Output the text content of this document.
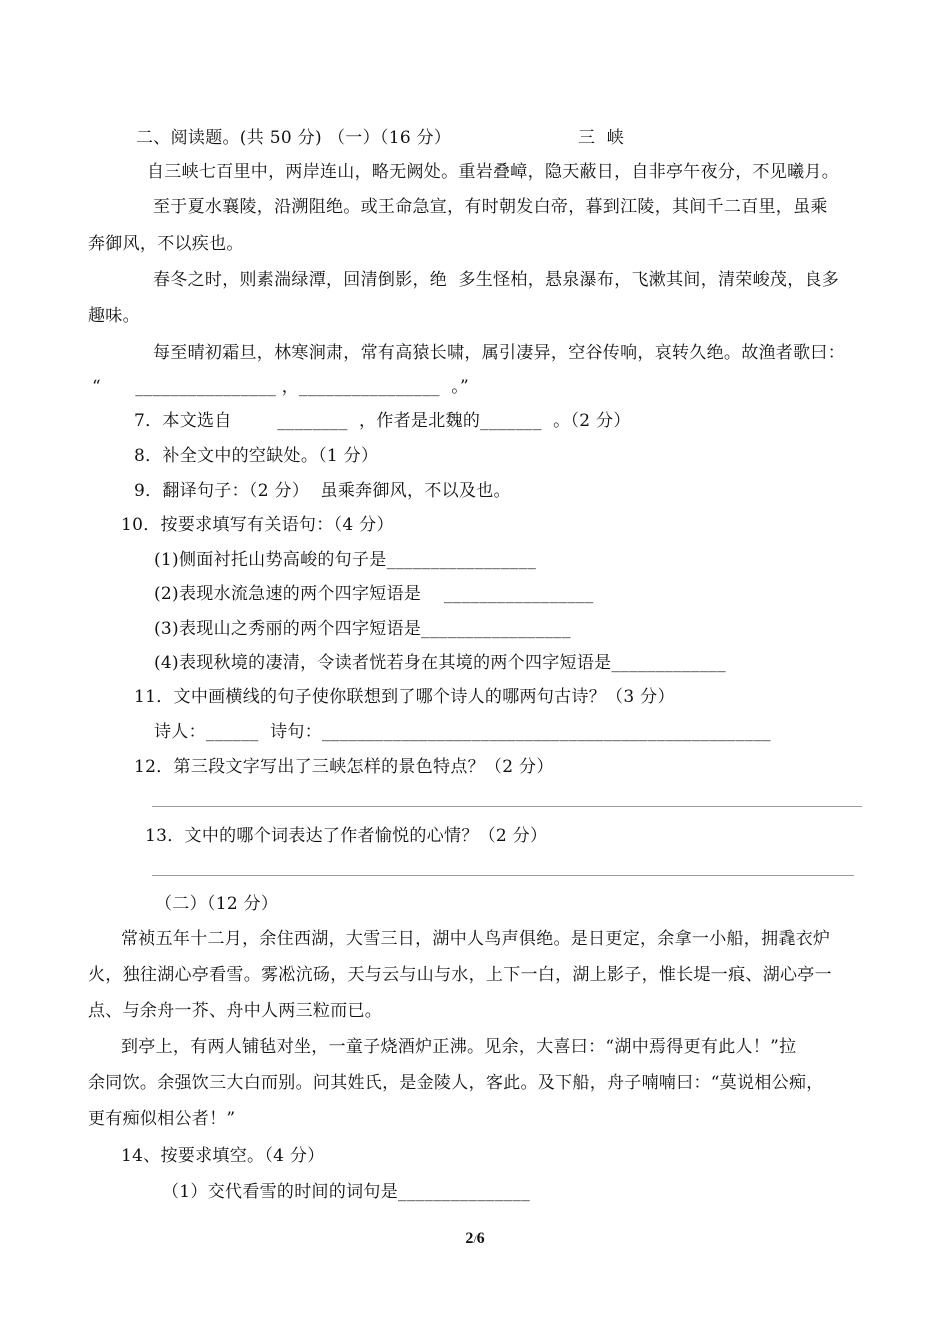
二、阅读题。(共 50 分) （一）（16 分）	三  峡
自三峡七百里中，两岸连山，略无阙处。重岩叠嶂，隐天蔽日，自非亭午夜分，不见曦月。
至于夏水襄陵，沿溯阻绝。或王命急宣，有时朝发白帝，暮到江陵，其间千二百里，虽乘
奔御风，不以疾也。
春冬之时，则素湍绿潭，回清倒影，绝  多生怪柏，悬泉瀑布，飞漱其间，清荣峻茂，良多
趣味。
每至晴初霜旦，林寒涧肃，常有高猿长啸，属引凄异，空谷传响，哀转久绝。故渔者歌曰：
“      ________________ ，________________  。”
7．本文选自        ________  ，作者是北魏的_______  。（2 分）
8．补全文中的空缺处。（1 分）
9．翻译句子：（2 分）  虽乘奔御风，不以及也。
10．按要求填写有关语句：（4 分）
(1)侧面衬托山势高峻的句子是_________________
(2)表现水流急速的两个四字短语是    _________________
(3)表现山之秀丽的两个四字短语是_________________
(4)表现秋境的凄清，令读者恍若身在其境的两个四字短语是_____________
11．文中画横线的句子使你联想到了哪个诗人的哪两句古诗？（3 分）
诗人：______  诗句：___________________________________________________
12．第三段文字写出了三峡怎样的景色特点？（2 分）
13．文中的哪个词表达了作者愉悦的心情？（2 分）
（二）（12 分）
常祯五年十二月，余住西湖，大雪三日，湖中人鸟声俱绝。是日更定，余拿一小船，拥毳衣炉
火，独往湖心亭看雪。雾凇沆砀，天与云与山与水，上下一白，湖上影子，惟长堤一痕、湖心亭一
点、与余舟一芥、舟中人两三粒而已。
到亭上，有两人铺毡对坐，一童子烧酒炉正沸。见余，大喜曰：“湖中焉得更有此人！”拉
余同饮。余强饮三大白而别。问其姓氏，是金陵人，客此。及下船，舟子喃喃曰：“莫说相公痴，
更有痴似相公者！”
14、按要求填空。（4 分）
（1）交代看雪的时间的词句是_______________
2/6
